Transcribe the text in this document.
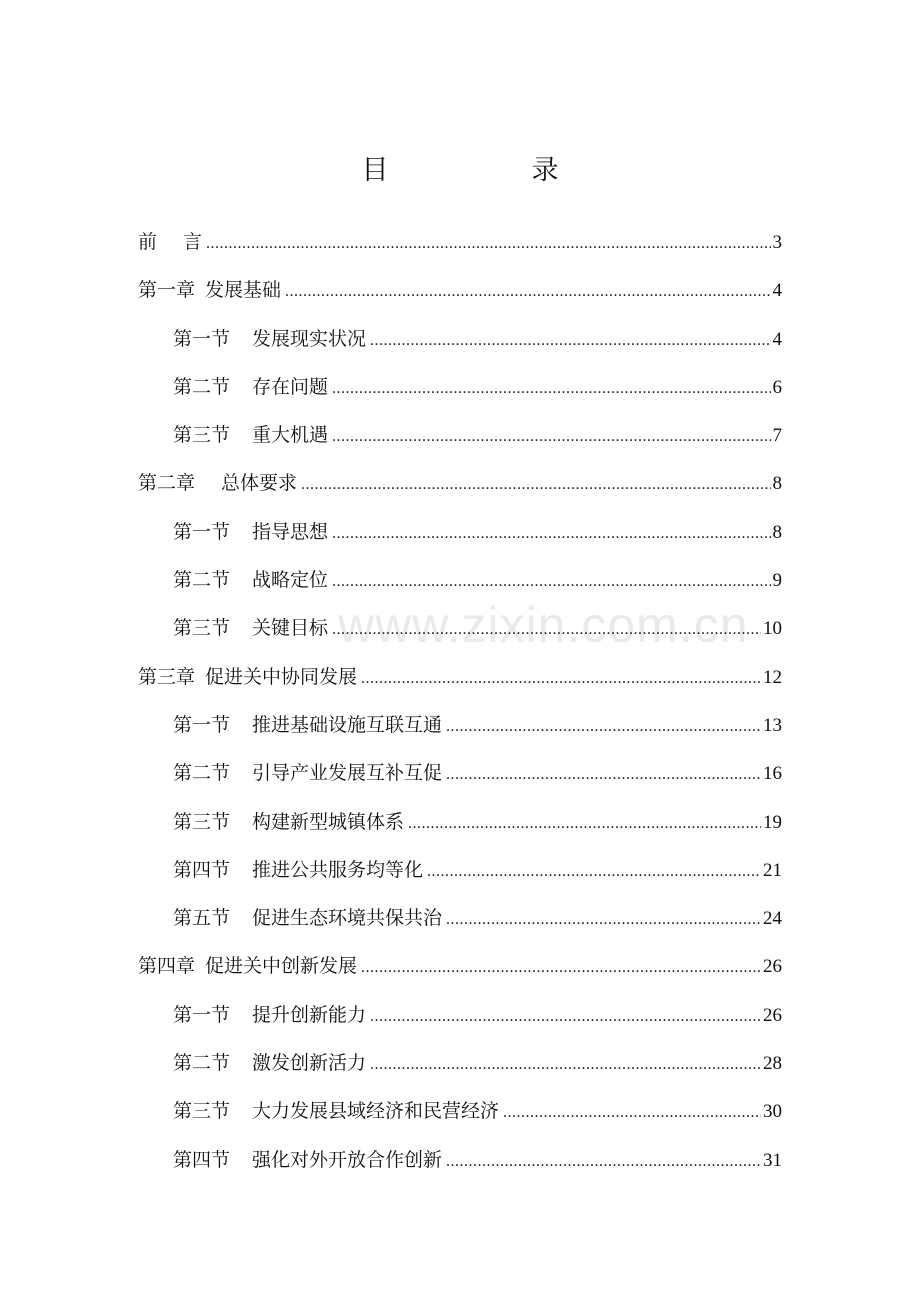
目　录
www.zixin.com.cn
前 言 .....	3
第一章 发展基础 .....	4
第一节 发展现实状况 .....	4
第二节 存在问题 .....	6
第三节 重大机遇 .....	7
第二章 总体要求 .....	8
第一节 指导思想 .....	8
第二节 战略定位 .....	9
第三节 关键目标 .....	10
第三章 促进关中协同发展 .....	12
第一节 推进基础设施互联互通 .....	13
第二节 引导产业发展互补互促 .....	16
第三节 构建新型城镇体系 .....	19
第四节 推进公共服务均等化 .....	21
第五节 促进生态环境共保共治 .....	24
第四章 促进关中创新发展 .....	26
第一节 提升创新能力 .....	26
第二节 激发创新活力 .....	28
第三节 大力发展县域经济和民营经济 .....	30
第四节 强化对外开放合作创新 .....	31
